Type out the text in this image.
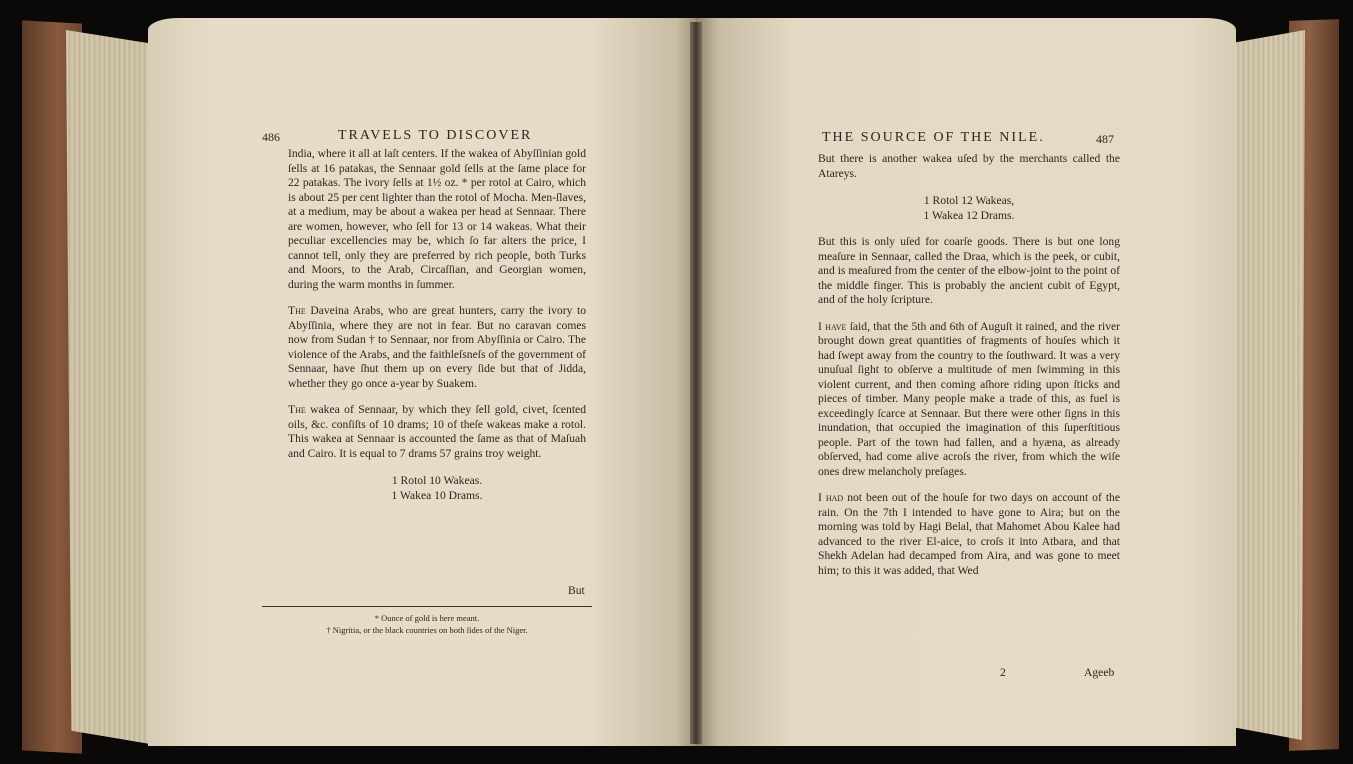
486	TRAVELS TO DISCOVER

India, where it all at laſt centers. If the wakea of Abyſſinian gold ſells at 16 patakas, the Sennaar gold ſells at the ſame place for 22 patakas. The ivory ſells at 1½ oz. * per rotol at Cairo, which is about 25 per cent lighter than the rotol of Mocha. Men-ſlaves, at a medium, may be about a wakea per head at Sennaar. There are women, however, who ſell for 13 or 14 wakeas. What their peculiar excellencies may be, which ſo far alters the price, I cannot tell, only they are preferred by rich people, both Turks and Moors, to the Arab, Circaſſian, and Georgian women, during the warm months in ſummer.

The Daveina Arabs, who are great hunters, carry the ivory to Abyſſinia, where they are not in fear. But no caravan comes now from Sudan † to Sennaar, nor from Abyſſinia or Cairo. The violence of the Arabs, and the faithleſsneſs of the government of Sennaar, have ſhut them up on every ſide but that of Jidda, whether they go once a-year by Suakem.

The wakea of Sennaar, by which they ſell gold, civet, ſcented oils, &c. conſiſts of 10 drams; 10 of theſe wakeas make a rotol. This wakea at Sennaar is accounted the ſame as that of Maſuah and Cairo. It is equal to 7 drams 57 grains troy weight.

1 Rotol 10 Wakeas.

1 Wakea 10 Drams.

But
* Ounce of gold is here meant.
† Nigritia, or the black countries on both ſides of the Niger.
THE SOURCE OF THE NILE.	487

But there is another wakea uſed by the merchants called the Atareys.

1 Rotol 12 Wakeas,

1 Wakea 12 Drams.

But this is only uſed for coarſe goods. There is but one long meaſure in Sennaar, called the Draa, which is the peek, or cubit, and is meaſured from the center of the elbow-joint to the point of the middle finger. This is probably the ancient cubit of Egypt, and of the holy ſcripture.

I have ſaid, that the 5th and 6th of Auguſt it rained, and the river brought down great quantities of fragments of houſes which it had ſwept away from the country to the ſouthward. It was a very unuſual ſight to obſerve a multitude of men ſwimming in this violent current, and then coming aſhore riding upon ſticks and pieces of timber. Many people make a trade of this, as fuel is exceedingly ſcarce at Sennaar. But there were other ſigns in this inundation, that occupied the imagination of this ſuperſtitious people. Part of the town had fallen, and a hyæna, as already obſerved, had come alive acroſs the river, from which the wiſe ones drew melancholy preſages.

I had not been out of the houſe for two days on account of the rain. On the 7th I intended to have gone to Aira; but on the morning was told by Hagi Belal, that Mahomet Abou Kalee had advanced to the river El-aice, to croſs it into Atbara, and that Shekh Adelan had decamped from Aira, and was gone to meet him; to this it was added, that Wed

2	Ageeb
